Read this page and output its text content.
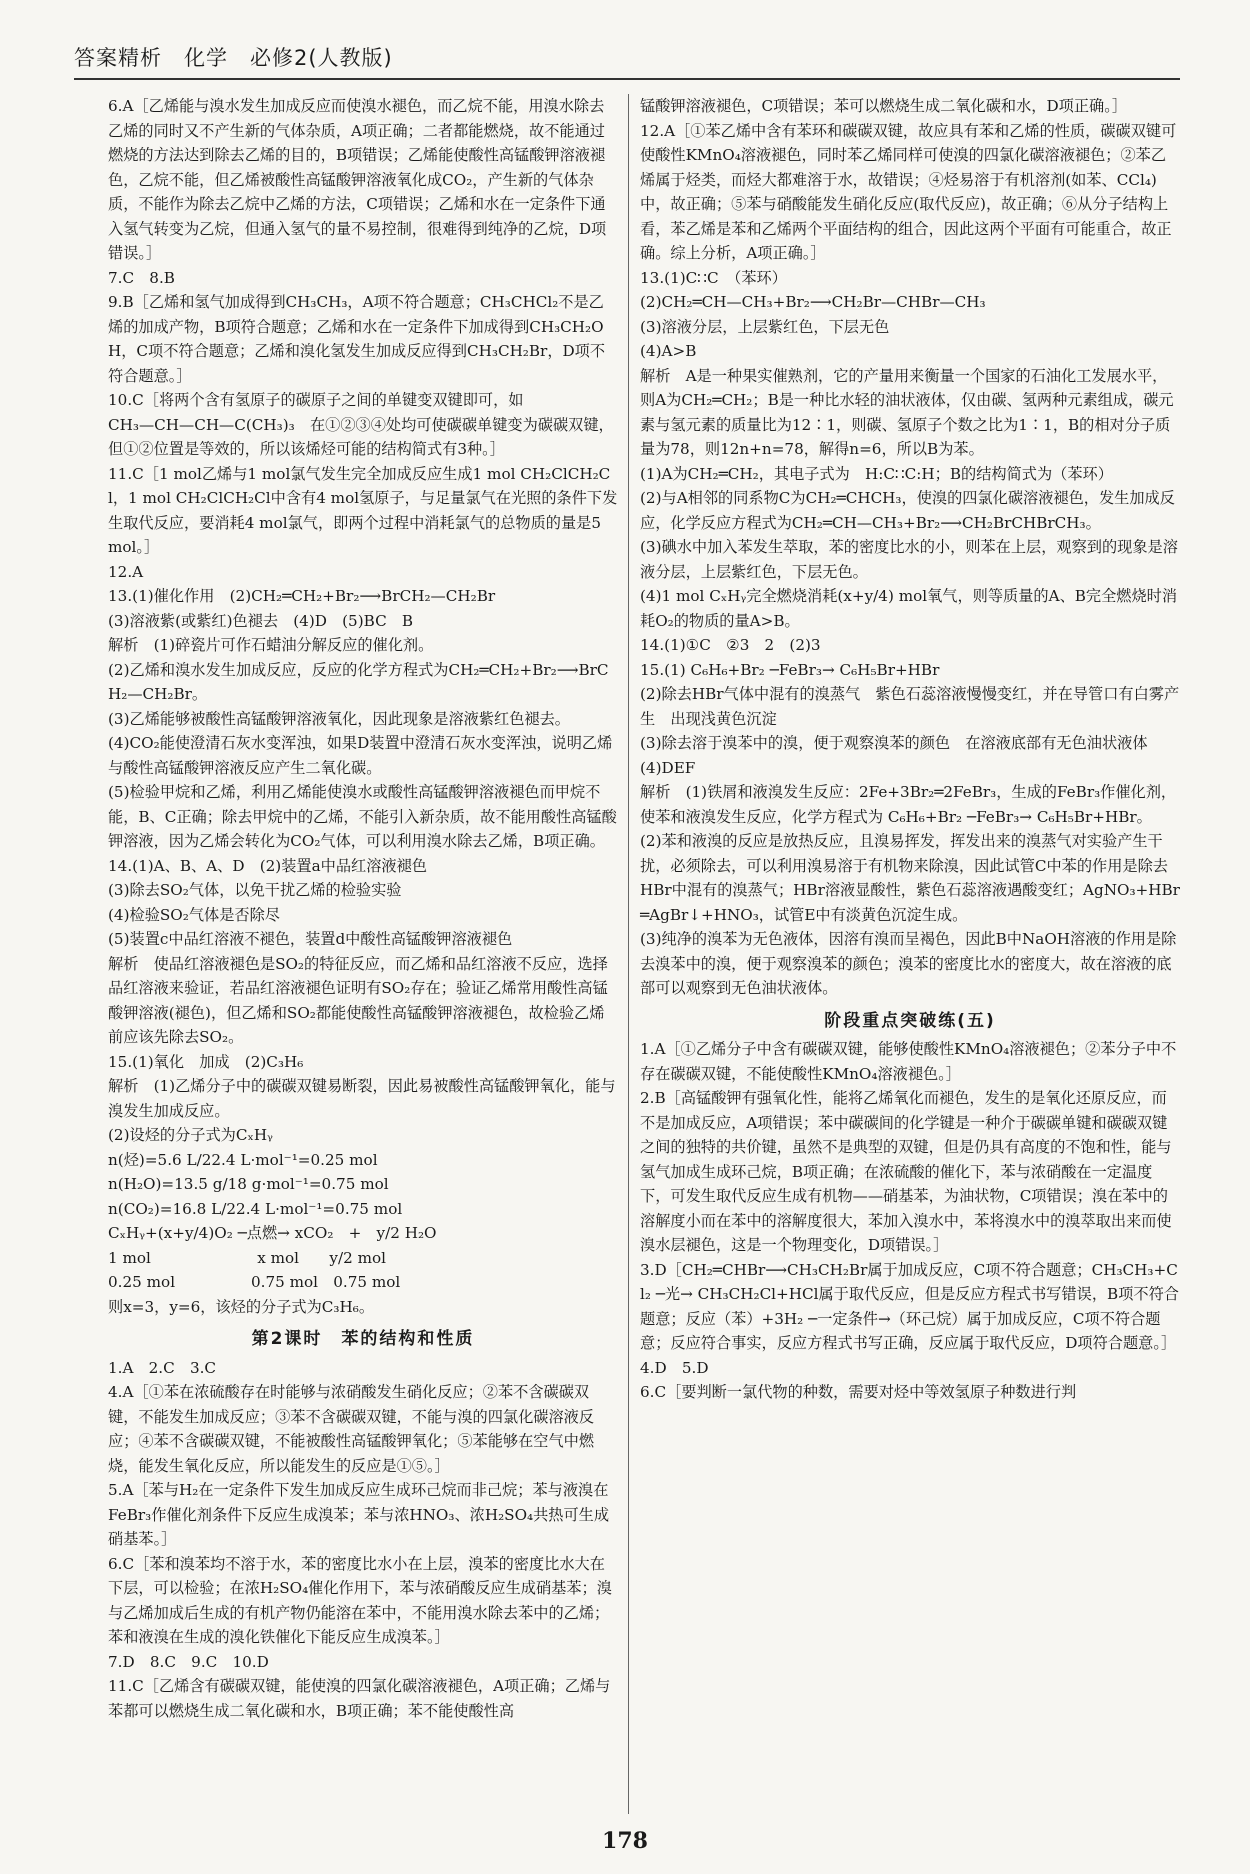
答案精析　化学　必修2(人教版)

6.A［乙烯能与溴水发生加成反应而使溴水褪色，而乙烷不能，用溴水除去乙烯的同时又不产生新的气体杂质，A项正确；二者都能燃烧，故不能通过燃烧的方法达到除去乙烯的目的，B项错误；乙烯能使酸性高锰酸钾溶液褪色，乙烷不能，但乙烯被酸性高锰酸钾溶液氧化成CO₂，产生新的气体杂质，不能作为除去乙烷中乙烯的方法，C项错误；乙烯和水在一定条件下通入氢气转变为乙烷，但通入氢气的量不易控制，很难得到纯净的乙烷，D项错误。］

7.C　8.B

9.B［乙烯和氢气加成得到CH₃CH₃，A项不符合题意；CH₃CHCl₂不是乙烯的加成产物，B项符合题意；乙烯和水在一定条件下加成得到CH₃CH₂OH，C项不符合题意；乙烯和溴化氢发生加成反应得到CH₃CH₂Br，D项不符合题意。］

10.C［将两个含有氢原子的碳原子之间的单键变双键即可，如

CH₃—CH—CH—C(CH₃)₃　在①②③④处均可使碳碳单键变为碳碳双键，但①②位置是等效的，所以该烯烃可能的结构简式有3种。］

11.C［1 mol乙烯与1 mol氯气发生完全加成反应生成1 mol CH₂ClCH₂Cl，1 mol CH₂ClCH₂Cl中含有4 mol氢原子，与足量氯气在光照的条件下发生取代反应，要消耗4 mol氯气，即两个过程中消耗氯气的总物质的量是5 mol。］

12.A

13.(1)催化作用　(2)CH₂═CH₂+Br₂⟶BrCH₂—CH₂Br

(3)溶液紫(或紫红)色褪去　(4)D　(5)BC　B

解析　(1)碎瓷片可作石蜡油分解反应的催化剂。

(2)乙烯和溴水发生加成反应，反应的化学方程式为CH₂═CH₂+Br₂⟶BrCH₂—CH₂Br。

(3)乙烯能够被酸性高锰酸钾溶液氧化，因此现象是溶液紫红色褪去。

(4)CO₂能使澄清石灰水变浑浊，如果D装置中澄清石灰水变浑浊，说明乙烯与酸性高锰酸钾溶液反应产生二氧化碳。

(5)检验甲烷和乙烯，利用乙烯能使溴水或酸性高锰酸钾溶液褪色而甲烷不能，B、C正确；除去甲烷中的乙烯，不能引入新杂质，故不能用酸性高锰酸钾溶液，因为乙烯会转化为CO₂气体，可以利用溴水除去乙烯，B项正确。

14.(1)A、B、A、D　(2)装置a中品红溶液褪色

(3)除去SO₂气体，以免干扰乙烯的检验实验

(4)检验SO₂气体是否除尽

(5)装置c中品红溶液不褪色，装置d中酸性高锰酸钾溶液褪色

解析　使品红溶液褪色是SO₂的特征反应，而乙烯和品红溶液不反应，选择品红溶液来验证，若品红溶液褪色证明有SO₂存在；验证乙烯常用酸性高锰酸钾溶液(褪色)，但乙烯和SO₂都能使酸性高锰酸钾溶液褪色，故检验乙烯前应该先除去SO₂。

15.(1)氧化　加成　(2)C₃H₆

解析　(1)乙烯分子中的碳碳双键易断裂，因此易被酸性高锰酸钾氧化，能与溴发生加成反应。

(2)设烃的分子式为CₓHᵧ

n(烃)=5.6 L/22.4 L·mol⁻¹=0.25 mol

n(H₂O)=13.5 g/18 g·mol⁻¹=0.75 mol

n(CO₂)=16.8 L/22.4 L·mol⁻¹=0.75 mol

CₓHᵧ+(x+y/4)O₂ ─点燃→ xCO₂　+　y/2 H₂O

1 mol　　　　　　　x mol　　y/2 mol

0.25 mol　　　　　0.75 mol　0.75 mol

则x=3，y=6，该烃的分子式为C₃H₆。

第2课时　苯的结构和性质

1.A　2.C　3.C

4.A［①苯在浓硫酸存在时能够与浓硝酸发生硝化反应；②苯不含碳碳双键，不能发生加成反应；③苯不含碳碳双键，不能与溴的四氯化碳溶液反应；④苯不含碳碳双键，不能被酸性高锰酸钾氧化；⑤苯能够在空气中燃烧，能发生氧化反应，所以能发生的反应是①⑤。］

5.A［苯与H₂在一定条件下发生加成反应生成环己烷而非己烷；苯与液溴在FeBr₃作催化剂条件下反应生成溴苯；苯与浓HNO₃、浓H₂SO₄共热可生成硝基苯。］

6.C［苯和溴苯均不溶于水，苯的密度比水小在上层，溴苯的密度比水大在下层，可以检验；在浓H₂SO₄催化作用下，苯与浓硝酸反应生成硝基苯；溴与乙烯加成后生成的有机产物仍能溶在苯中，不能用溴水除去苯中的乙烯；苯和液溴在生成的溴化铁催化下能反应生成溴苯。］

7.D　8.C　9.C　10.D

11.C［乙烯含有碳碳双键，能使溴的四氯化碳溶液褪色，A项正确；乙烯与苯都可以燃烧生成二氧化碳和水，B项正确；苯不能使酸性高

锰酸钾溶液褪色，C项错误；苯可以燃烧生成二氧化碳和水，D项正确。］

12.A［①苯乙烯中含有苯环和碳碳双键，故应具有苯和乙烯的性质，碳碳双键可使酸性KMnO₄溶液褪色，同时苯乙烯同样可使溴的四氯化碳溶液褪色；②苯乙烯属于烃类，而烃大都难溶于水，故错误；④烃易溶于有机溶剂(如苯、CCl₄)中，故正确；⑤苯与硝酸能发生硝化反应(取代反应)，故正确；⑥从分子结构上看，苯乙烯是苯和乙烯两个平面结构的组合，因此这两个平面有可能重合，故正确。综上分析，A项正确。］

13.(1)C∷C　（苯环）

(2)CH₂═CH—CH₃+Br₂⟶CH₂Br—CHBr—CH₃

(3)溶液分层，上层紫红色，下层无色

(4)A>B

解析　A是一种果实催熟剂，它的产量用来衡量一个国家的石油化工发展水平，则A为CH₂═CH₂；B是一种比水轻的油状液体，仅由碳、氢两种元素组成，碳元素与氢元素的质量比为12∶1，则碳、氢原子个数之比为1∶1，B的相对分子质量为78，则12n+n=78，解得n=6，所以B为苯。

(1)A为CH₂═CH₂，其电子式为　H:C∷C:H；B的结构简式为（苯环）

(2)与A相邻的同系物C为CH₂═CHCH₃，使溴的四氯化碳溶液褪色，发生加成反应，化学反应方程式为CH₂═CH—CH₃+Br₂⟶CH₂BrCHBrCH₃。

(3)碘水中加入苯发生萃取，苯的密度比水的小，则苯在上层，观察到的现象是溶液分层，上层紫红色，下层无色。

(4)1 mol CₓHᵧ完全燃烧消耗(x+y/4) mol氧气，则等质量的A、B完全燃烧时消耗O₂的物质的量A>B。

14.(1)①C　②3　2　(2)3

15.(1) C₆H₆+Br₂ ─FeBr₃→ C₆H₅Br+HBr

(2)除去HBr气体中混有的溴蒸气　紫色石蕊溶液慢慢变红，并在导管口有白雾产生　出现浅黄色沉淀

(3)除去溶于溴苯中的溴，便于观察溴苯的颜色　在溶液底部有无色油状液体

(4)DEF

解析　(1)铁屑和液溴发生反应：2Fe+3Br₂═2FeBr₃，生成的FeBr₃作催化剂，使苯和液溴发生反应，化学方程式为 C₆H₆+Br₂ ─FeBr₃→ C₆H₅Br+HBr。

(2)苯和液溴的反应是放热反应，且溴易挥发，挥发出来的溴蒸气对实验产生干扰，必须除去，可以利用溴易溶于有机物来除溴，因此试管C中苯的作用是除去HBr中混有的溴蒸气；HBr溶液显酸性，紫色石蕊溶液遇酸变红；AgNO₃+HBr═AgBr↓+HNO₃，试管E中有淡黄色沉淀生成。

(3)纯净的溴苯为无色液体，因溶有溴而呈褐色，因此B中NaOH溶液的作用是除去溴苯中的溴，便于观察溴苯的颜色；溴苯的密度比水的密度大，故在溶液的底部可以观察到无色油状液体。

阶段重点突破练(五)

1.A［①乙烯分子中含有碳碳双键，能够使酸性KMnO₄溶液褪色；②苯分子中不存在碳碳双键，不能使酸性KMnO₄溶液褪色。］

2.B［高锰酸钾有强氧化性，能将乙烯氧化而褪色，发生的是氧化还原反应，而不是加成反应，A项错误；苯中碳碳间的化学键是一种介于碳碳单键和碳碳双键之间的独特的共价键，虽然不是典型的双键，但是仍具有高度的不饱和性，能与氢气加成生成环己烷，B项正确；在浓硫酸的催化下，苯与浓硝酸在一定温度下，可发生取代反应生成有机物——硝基苯，为油状物，C项错误；溴在苯中的溶解度小而在苯中的溶解度很大，苯加入溴水中，苯将溴水中的溴萃取出来而使溴水层褪色，这是一个物理变化，D项错误。］

3.D［CH₂═CHBr⟶CH₃CH₂Br属于加成反应，C项不符合题意；CH₃CH₃+Cl₂ ─光→ CH₃CH₂Cl+HCl属于取代反应，但是反应方程式书写错误，B项不符合题意；反应（苯）+3H₂ ─一定条件→（环己烷）属于加成反应，C项不符合题意；反应符合事实，反应方程式书写正确，反应属于取代反应，D项符合题意。］

4.D　5.D

6.C［要判断一氯代物的种数，需要对烃中等效氢原子种数进行判

178
